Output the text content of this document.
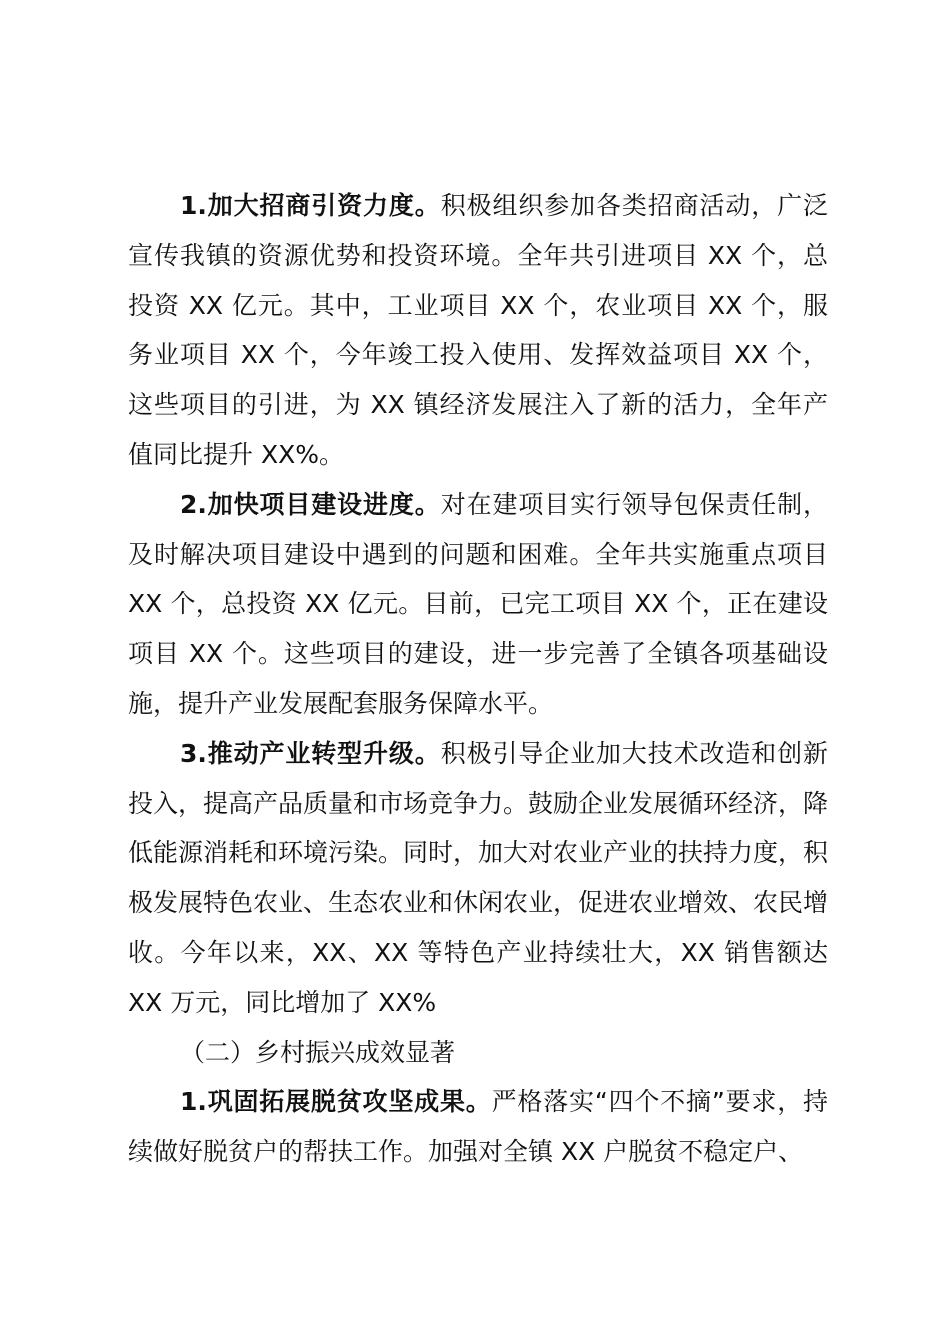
1.加大招商引资力度。积极组织参加各类招商活动，广泛宣传我镇的资源优势和投资环境。全年共引进项目 XX 个，总投资 XX 亿元。其中，工业项目 XX 个，农业项目 XX 个，服务业项目 XX 个，今年竣工投入使用、发挥效益项目 XX 个，这些项目的引进，为 XX 镇经济发展注入了新的活力，全年产值同比提升 XX%。

2.加快项目建设进度。对在建项目实行领导包保责任制，及时解决项目建设中遇到的问题和困难。全年共实施重点项目 XX 个，总投资 XX 亿元。目前，已完工项目 XX 个，正在建设项目 XX 个。这些项目的建设，进一步完善了全镇各项基础设施，提升产业发展配套服务保障水平。

3.推动产业转型升级。积极引导企业加大技术改造和创新投入，提高产品质量和市场竞争力。鼓励企业发展循环经济，降低能源消耗和环境污染。同时，加大对农业产业的扶持力度，积极发展特色农业、生态农业和休闲农业，促进农业增效、农民增收。今年以来，XX、XX 等特色产业持续壮大，XX 销售额达 XX 万元，同比增加了 XX%

（二）乡村振兴成效显著

1.巩固拓展脱贫攻坚成果。严格落实“四个不摘”要求，持续做好脱贫户的帮扶工作。加强对全镇 XX 户脱贫不稳定户、
